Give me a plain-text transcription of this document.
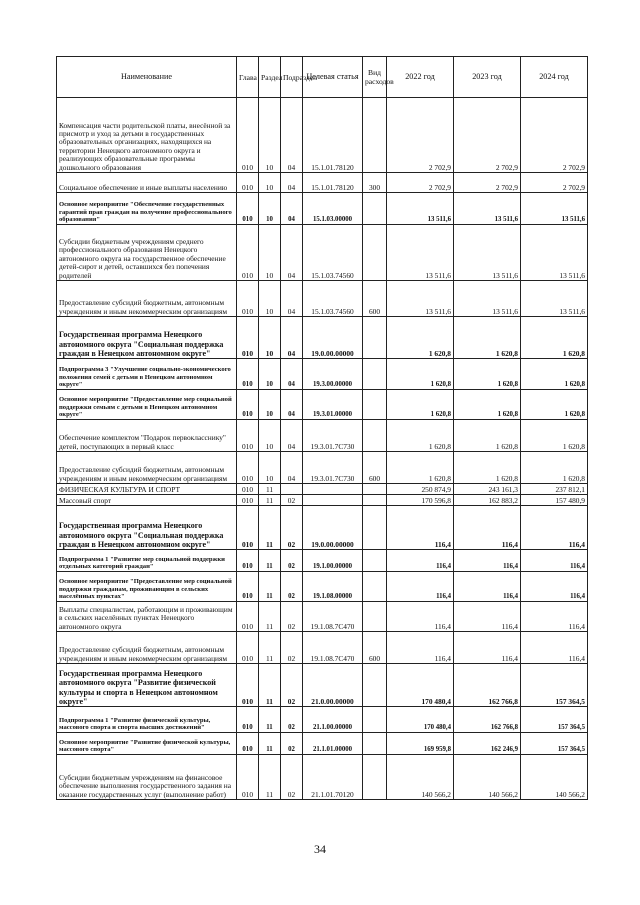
Наименование	Глава	Раздел	Подраздел	Целевая статья	Вид расходов	2022 год	2023 год	2024 год
Компенсация части родительской платы, внесённой за присмотр и уход за детьми в государственных образовательных организациях, находящихся на территории Ненецкого автономного округа и реализующих образовательные программы дошкольного образования	010	10	04	15.1.01.78120		2 702,9	2 702,9	2 702,9
Социальное обеспечение и иные выплаты населению	010	10	04	15.1.01.78120	300	2 702,9	2 702,9	2 702,9
Основное мероприятие "Обеспечение государственных гарантий прав граждан на получение профессионального образования"	010	10	04	15.1.03.00000		13 511,6	13 511,6	13 511,6
Субсидии бюджетным учреждениям среднего профессионального образования Ненецкого автономного округа на государственное обеспечение детей-сирот и детей, оставшихся без попечения родителей	010	10	04	15.1.03.74560		13 511,6	13 511,6	13 511,6
Предоставление субсидий бюджетным, автономным учреждениям и иным некоммерческим организациям	010	10	04	15.1.03.74560	600	13 511,6	13 511,6	13 511,6
Государственная программа Ненецкого автономного округа "Социальная поддержка граждан в Ненецком автономном округе"	010	10	04	19.0.00.00000		1 620,8	1 620,8	1 620,8
Подпрограмма 3 "Улучшение социально-экономического положения семей с детьми в Ненецком автономном округе"	010	10	04	19.3.00.00000		1 620,8	1 620,8	1 620,8
Основное мероприятие "Предоставление мер социальной поддержки семьям с детьми в Ненецком автономном округе"	010	10	04	19.3.01.00000		1 620,8	1 620,8	1 620,8
Обеспечение комплектом "Подарок первокласснику" детей, поступающих в первый класс	010	10	04	19.3.01.7С730		1 620,8	1 620,8	1 620,8
Предоставление субсидий бюджетным, автономным учреждениям и иным некоммерческим организациям	010	10	04	19.3.01.7С730	600	1 620,8	1 620,8	1 620,8
ФИЗИЧЕСКАЯ КУЛЬТУРА И СПОРТ	010	11				250 874,9	243 161,3	237 812,1
Массовый спорт	010	11	02			170 596,8	162 883,2	157 480,9
Государственная программа Ненецкого автономного округа "Социальная поддержка граждан в Ненецком автономном округе"	010	11	02	19.0.00.00000		116,4	116,4	116,4
Подпрограмма 1 "Развитие мер социальной поддержки отдельных категорий граждан"	010	11	02	19.1.00.00000		116,4	116,4	116,4
Основное мероприятие "Предоставление мер социальной поддержки гражданам, проживающим в сельских населённых пунктах"	010	11	02	19.1.08.00000		116,4	116,4	116,4
Выплаты специалистам, работающим и проживающим в сельских населённых пунктах Ненецкого автономного округа	010	11	02	19.1.08.7С470		116,4	116,4	116,4
Предоставление субсидий бюджетным, автономным учреждениям и иным некоммерческим организациям	010	11	02	19.1.08.7С470	600	116,4	116,4	116,4
Государственная программа Ненецкого автономного округа "Развитие физической культуры и спорта в Ненецком автономном округе"	010	11	02	21.0.00.00000		170 480,4	162 766,8	157 364,5
Подпрограмма 1 "Развитие физической культуры, массового спорта и спорта высших достижений"	010	11	02	21.1.00.00000		170 480,4	162 766,8	157 364,5
Основное мероприятие "Развитие физической культуры, массового спорта"	010	11	02	21.1.01.00000		169 959,8	162 246,9	157 364,5
Субсидии бюджетным учреждениям на финансовое обеспечение выполнения государственного задания на оказание государственных услуг (выполнение работ)	010	11	02	21.1.01.70120		140 566,2	140 566,2	140 566,2
34
